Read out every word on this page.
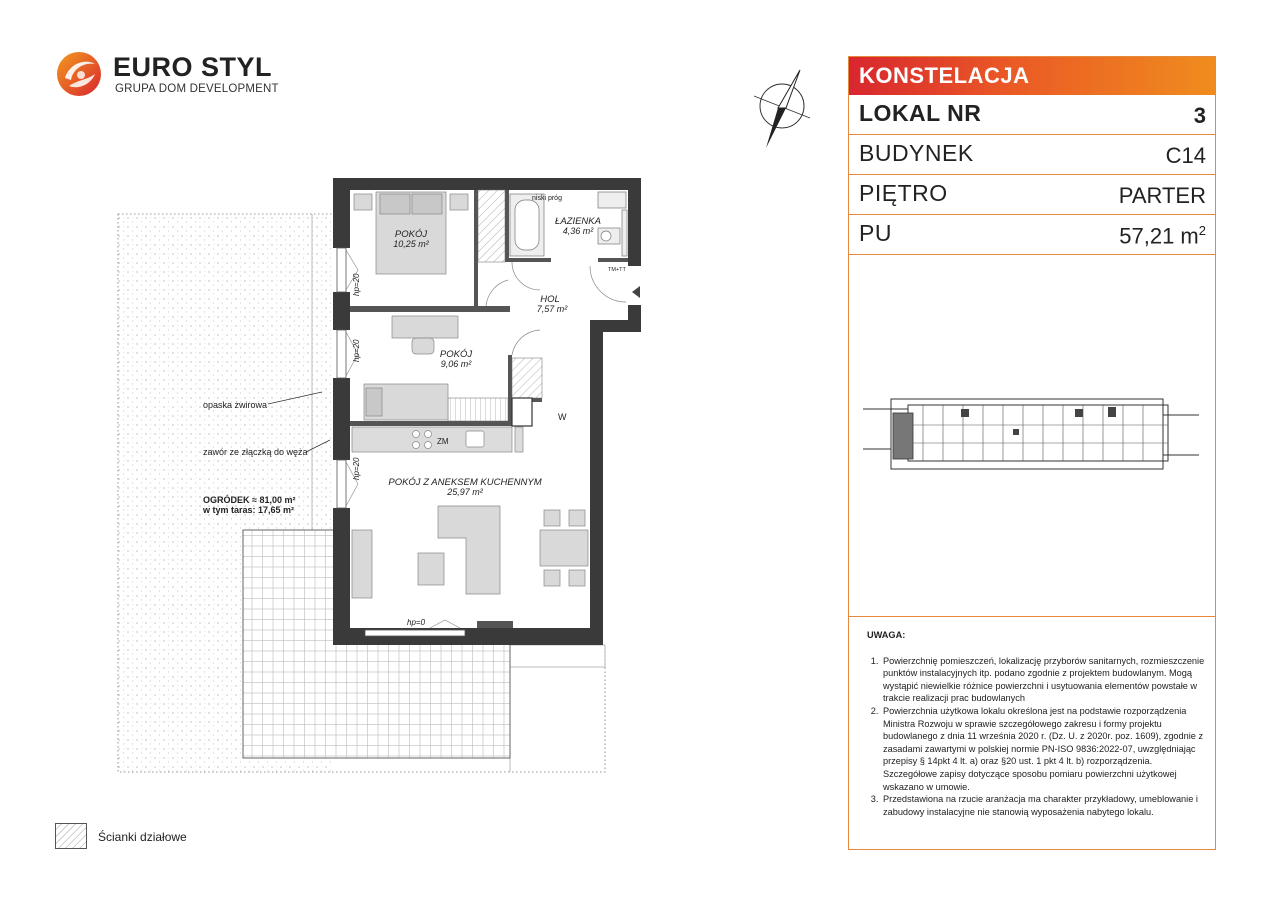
EURO STYL
GRUPA DOM DEVELOPMENT
POKÓJ
10,25 m²
ŁAZIENKA
4,36 m²
HOL
7,57 m²
POKÓJ
9,06 m²
POKÓJ Z ANEKSEM KUCHENNYM
25,97 m²
niski próg
TM+TT
hp=20
hp=20
hp=20
hp=0
ZM
W
opaska żwirowa
zawór ze złączką do węża
OGRÓDEK ≈ 81,00 m²
w tym taras: 17,65 m²
KONSTELACJA
LOKAL NR	3
BUDYNEK	C14
PIĘTRO	PARTER
PU	57,21 $m^2$
UWAGA:
1. Powierzchnię pomieszczeń, lokalizację przyborów sanitarnych, rozmieszczenie punktów instalacyjnych itp. podano zgodnie z projektem budowlanym. Mogą wystąpić niewielkie różnice powierzchni i usytuowania elementów powstałe w trakcie realizacji prac budowlanych
2. Powierzchnia użytkowa lokalu określona jest na podstawie rozporządzenia Ministra Rozwoju w sprawie szczegółowego zakresu i formy projektu budowlanego z dnia 11 września 2020 r. (Dz. U. z 2020r. poz. 1609), zgodnie z zasadami zawartymi w polskiej normie PN-ISO 9836:2022-07, uwzględniając przepisy § 14pkt 4 lt. a) oraz §20 ust. 1 pkt 4 lt. b) rozporządzenia. Szczegółowe zapisy dotyczące sposobu pomiaru powierzchni użytkowej wskazano w umowie.
3. Przedstawiona na rzucie aranżacja ma charakter przykładowy, umeblowanie i zabudowy instalacyjne nie stanowią wyposażenia nabytego lokalu.
Ścianki działowe
